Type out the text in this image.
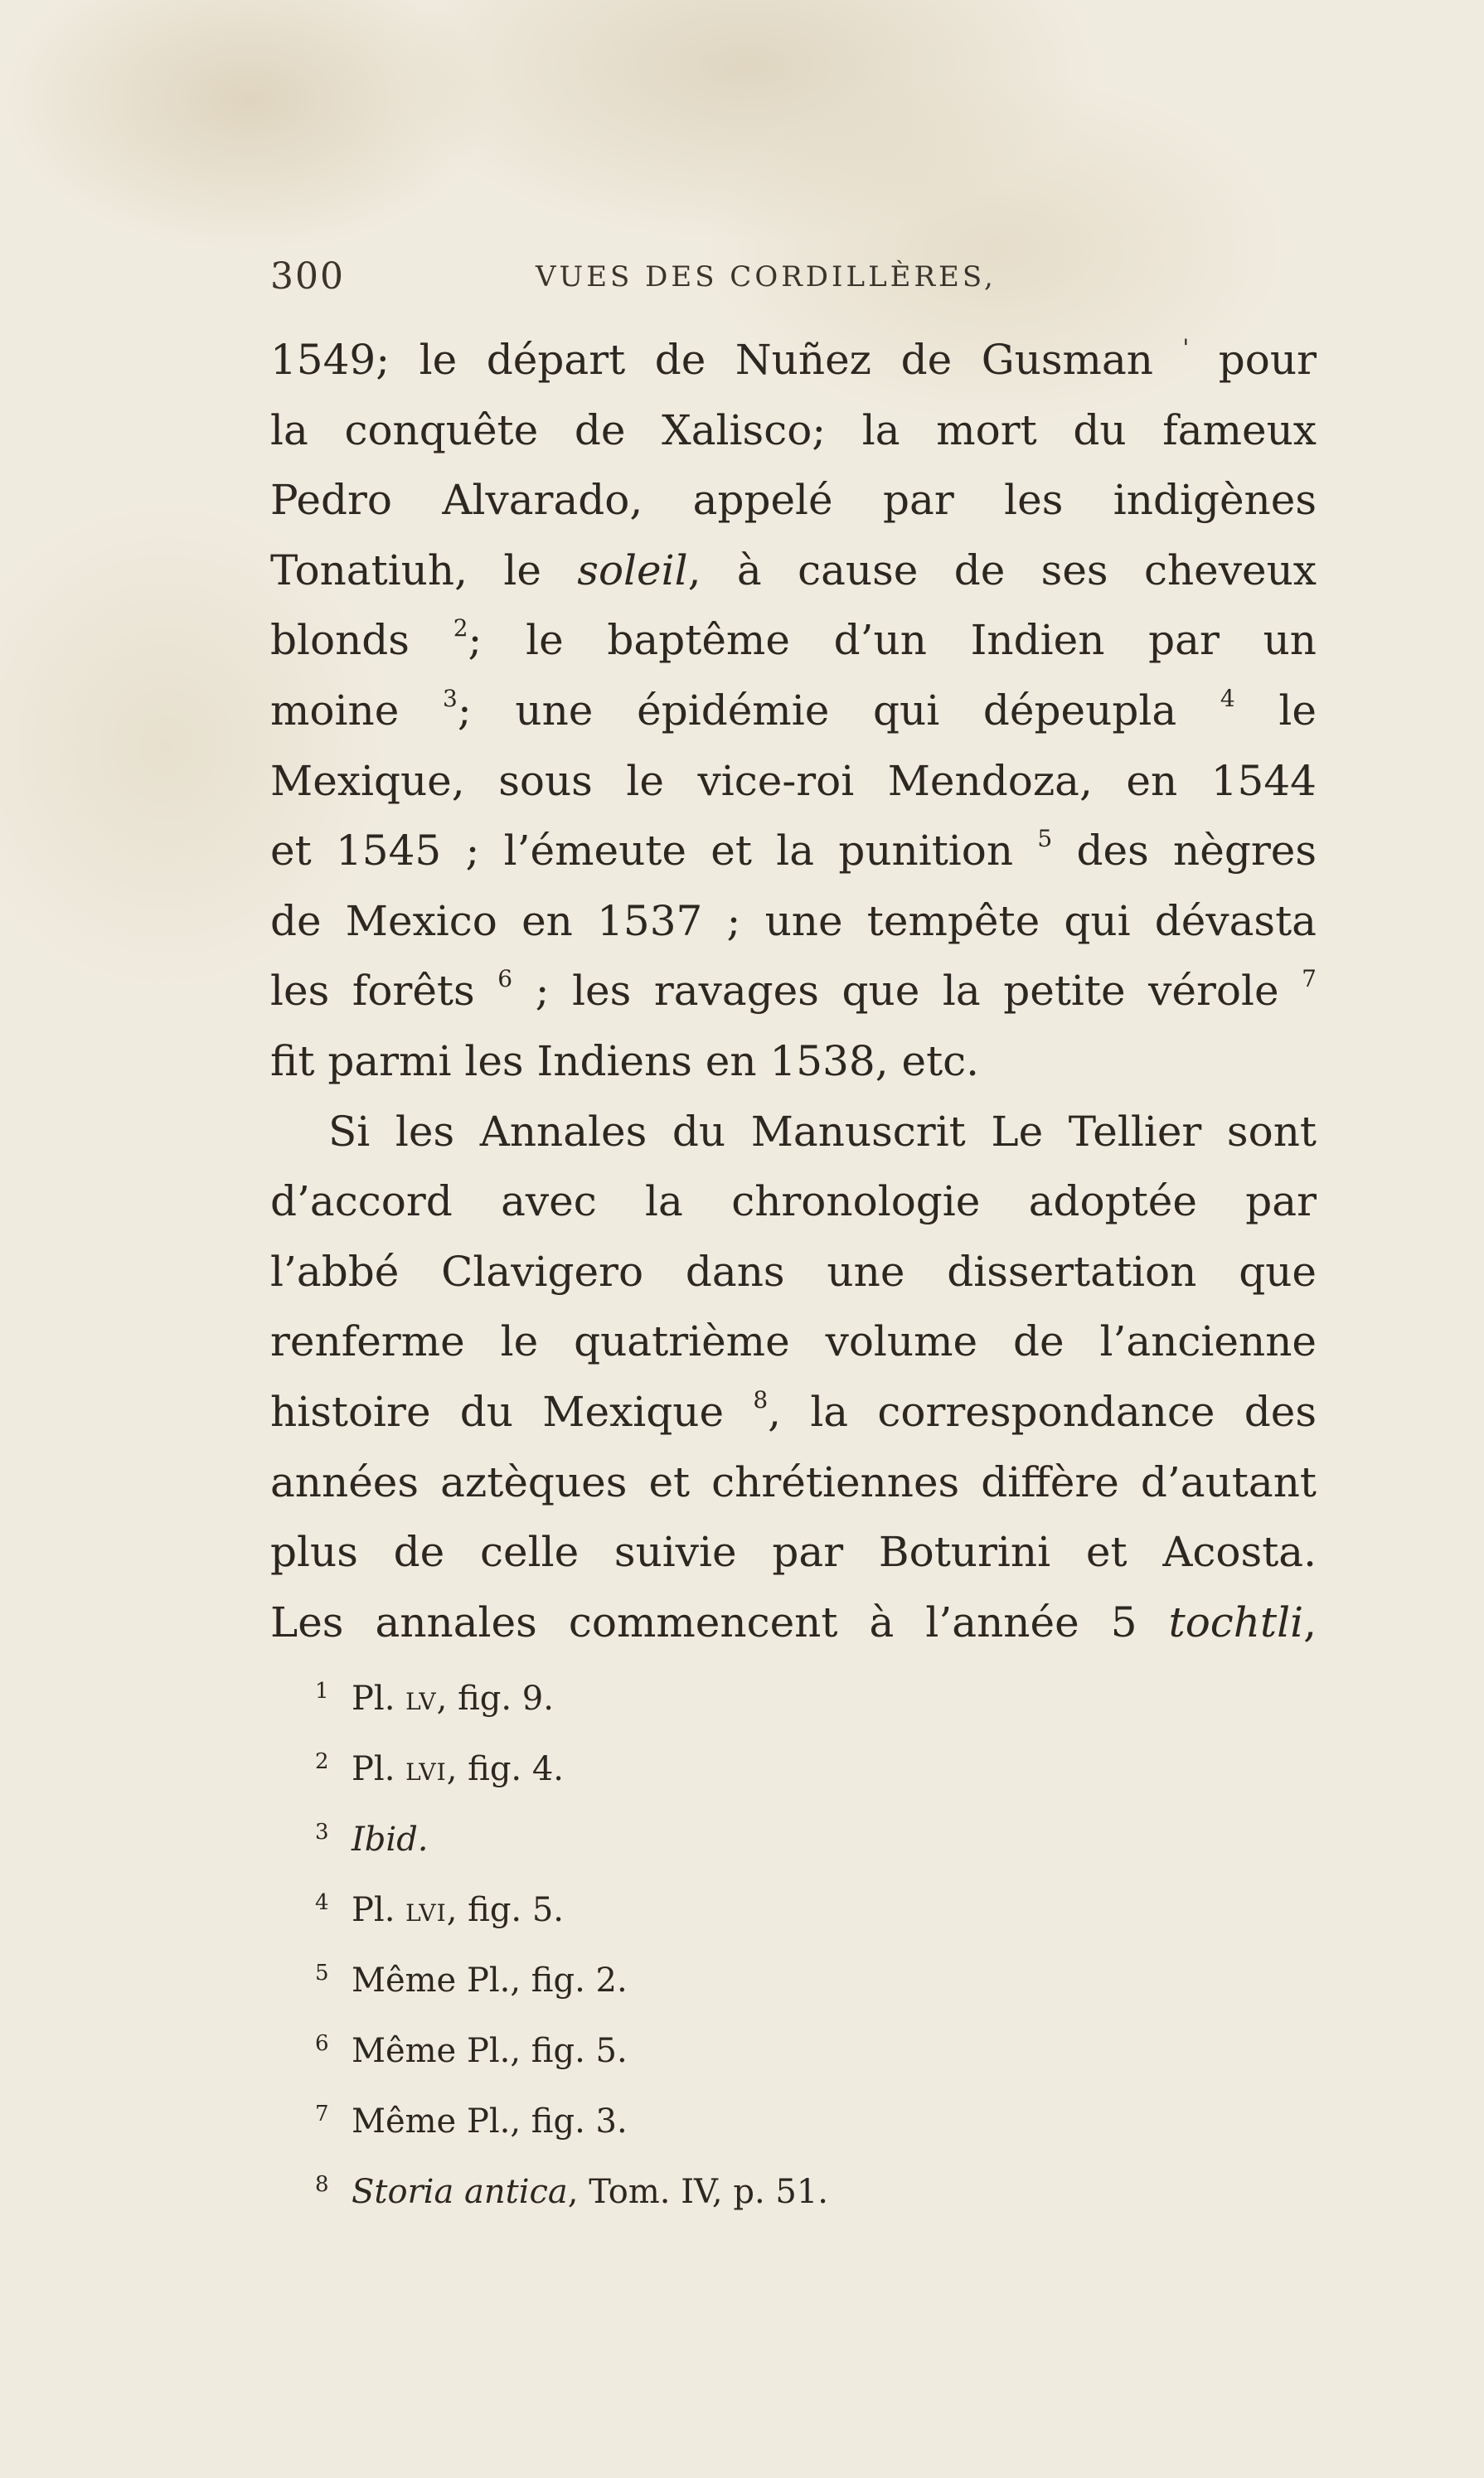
300	VUES DES CORDILLÈRES,
1549; le départ de Nuñez de Gusman ' pour
la conquête de Xalisco; la mort du fameux
Pedro Alvarado, appelé par les indigènes
Tonatiuh, le soleil, à cause de ses cheveux
blonds $^2$; le baptême d’un Indien par un
moine $^3$; une épidémie qui dépeupla $^4$ le
Mexique, sous le vice-roi Mendoza, en 1544
et 1545 ; l’émeute et la punition $^5$ des nègres
de Mexico en 1537 ; une tempête qui dévasta
les forêts $^6$ ; les ravages que la petite vérole $^7$
fit parmi les Indiens en 1538, etc.
Si les Annales du Manuscrit Le Tellier sont
d’accord avec la chronologie adoptée par
l’abbé Clavigero dans une dissertation que
renferme le quatrième volume de l’ancienne
histoire du Mexique $^8$, la correspondance des
années aztèques et chrétiennes diffère d’autant
plus de celle suivie par Boturini et Acosta.
Les annales commencent à l’année 5 tochtli,
1 Pl. lv, fig. 9.
2 Pl. lvi, fig. 4.
3 Ibid.
4 Pl. lvi, fig. 5.
5 Même Pl., fig. 2.
6 Même Pl., fig. 5.
7 Même Pl., fig. 3.
8 Storia antica, Tom. IV, p. 51.
